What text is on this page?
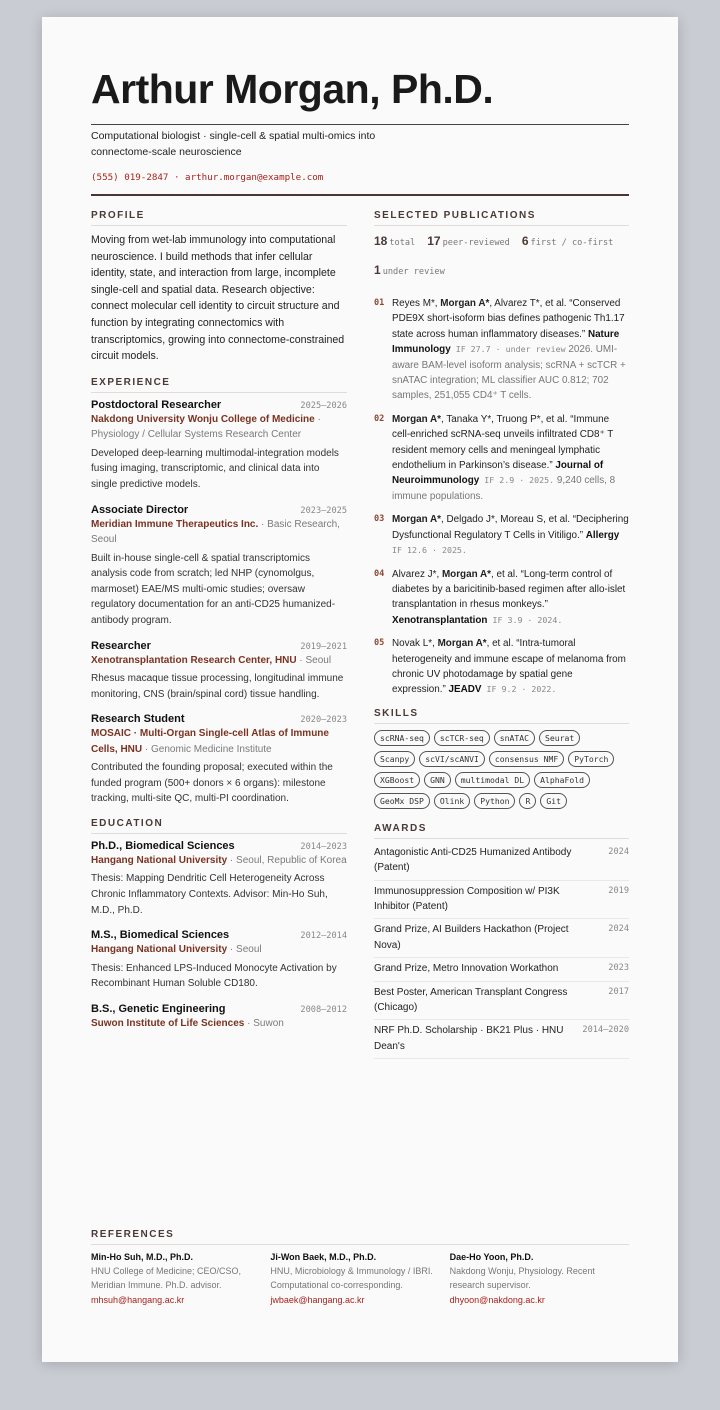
Arthur Morgan, Ph.D.
Computational biologist · single-cell & spatial multi-omics into connectome-scale neuroscience
(555) 019-2847 · arthur.morgan@example.com
PROFILE
Moving from wet-lab immunology into computational neuroscience. I build methods that infer cellular identity, state, and interaction from large, incomplete single-cell and spatial data. Research objective: connect molecular cell identity to circuit structure and function by integrating connectomics with transcriptomics, growing into connectome-constrained circuit models.
EXPERIENCE
Postdoctoral Researcher	2025–2026
Nakdong University Wonju College of Medicine · Physiology / Cellular Systems Research Center
Developed deep-learning multimodal-integration models fusing imaging, transcriptomic, and clinical data into single predictive models.
Associate Director	2023–2025
Meridian Immune Therapeutics Inc. · Basic Research, Seoul
Built in-house single-cell & spatial transcriptomics analysis code from scratch; led NHP (cynomolgus, marmoset) EAE/MS multi-omic studies; oversaw regulatory documentation for an anti-CD25 humanized-antibody program.
Researcher	2019–2021
Xenotransplantation Research Center, HNU · Seoul
Rhesus macaque tissue processing, longitudinal immune monitoring, CNS (brain/spinal cord) tissue handling.
Research Student	2020–2023
MOSAIC · Multi-Organ Single-cell Atlas of Immune Cells, HNU · Genomic Medicine Institute
Contributed the founding proposal; executed within the funded program (500+ donors × 6 organs): milestone tracking, multi-site QC, multi-PI coordination.
EDUCATION
Ph.D., Biomedical Sciences	2014–2023
Hangang National University · Seoul, Republic of Korea
Thesis: Mapping Dendritic Cell Heterogeneity Across Chronic Inflammatory Contexts. Advisor: Min-Ho Suh, M.D., Ph.D.
M.S., Biomedical Sciences	2012–2014
Hangang National University · Seoul
Thesis: Enhanced LPS-Induced Monocyte Activation by Recombinant Human Soluble CD180.
B.S., Genetic Engineering	2008–2012
Suwon Institute of Life Sciences · Suwon
SELECTED PUBLICATIONS
18 total 17 peer-reviewed 6 first / co-first
1 under review
01 Reyes M*, Morgan A*, Alvarez T*, et al. “Conserved PDE9X short-isoform bias defines pathogenic Th1.17 state across human inflammatory diseases.” Nature Immunology IF 27.7 · under review 2026. UMI-aware BAM-level isoform analysis; scRNA + scTCR + snATAC integration; ML classifier AUC 0.812; 702 samples, 251,055 CD4⁺ T cells.
02 Morgan A*, Tanaka Y*, Truong P*, et al. “Immune cell-enriched scRNA-seq unveils infiltrated CD8⁺ T resident memory cells and meningeal lymphatic endothelium in Parkinson’s disease.” Journal of Neuroimmunology IF 2.9 · 2025. 9,240 cells, 8 immune populations.
03 Morgan A*, Delgado J*, Moreau S, et al. “Deciphering Dysfunctional Regulatory T Cells in Vitiligo.” Allergy IF 12.6 · 2025.
04 Alvarez J*, Morgan A*, et al. “Long-term control of diabetes by a baricitinib-based regimen after allo-islet transplantation in rhesus monkeys.” Xenotransplantation IF 3.9 · 2024.
05 Novak L*, Morgan A*, et al. “Intra-tumoral heterogeneity and immune escape of melanoma from chronic UV photodamage by spatial gene expression.” JEADV IF 9.2 · 2022.
SKILLS
scRNA-seq	scTCR-seq	snATAC	Seurat
Scanpy	scVI/scANVI	consensus NMF	PyTorch
XGBoost	GNN	multimodal DL	AlphaFold
GeoMx DSP	Olink	Python	R	Git
AWARDS
Antagonistic Anti-CD25 Humanized Antibody (Patent)
2024
Immunosuppression Composition w/ PI3K Inhibitor (Patent)
2019
Grand Prize, AI Builders Hackathon (Project Nova)
2024
Grand Prize, Metro Innovation Workathon	2023
Best Poster, American Transplant Congress (Chicago)
2017
NRF Ph.D. Scholarship · BK21 Plus · HNU Dean's
2014–2020
REFERENCES
Min-Ho Suh, M.D., Ph.D.
HNU College of Medicine; CEO/CSO, Meridian Immune. Ph.D. advisor.
mhsuh@hangang.ac.kr
Ji-Won Baek, M.D., Ph.D.
HNU, Microbiology & Immunology / IBRI. Computational co-corresponding.
jwbaek@hangang.ac.kr
Dae-Ho Yoon, Ph.D.
Nakdong Wonju, Physiology. Recent research supervisor.
dhyoon@nakdong.ac.kr
